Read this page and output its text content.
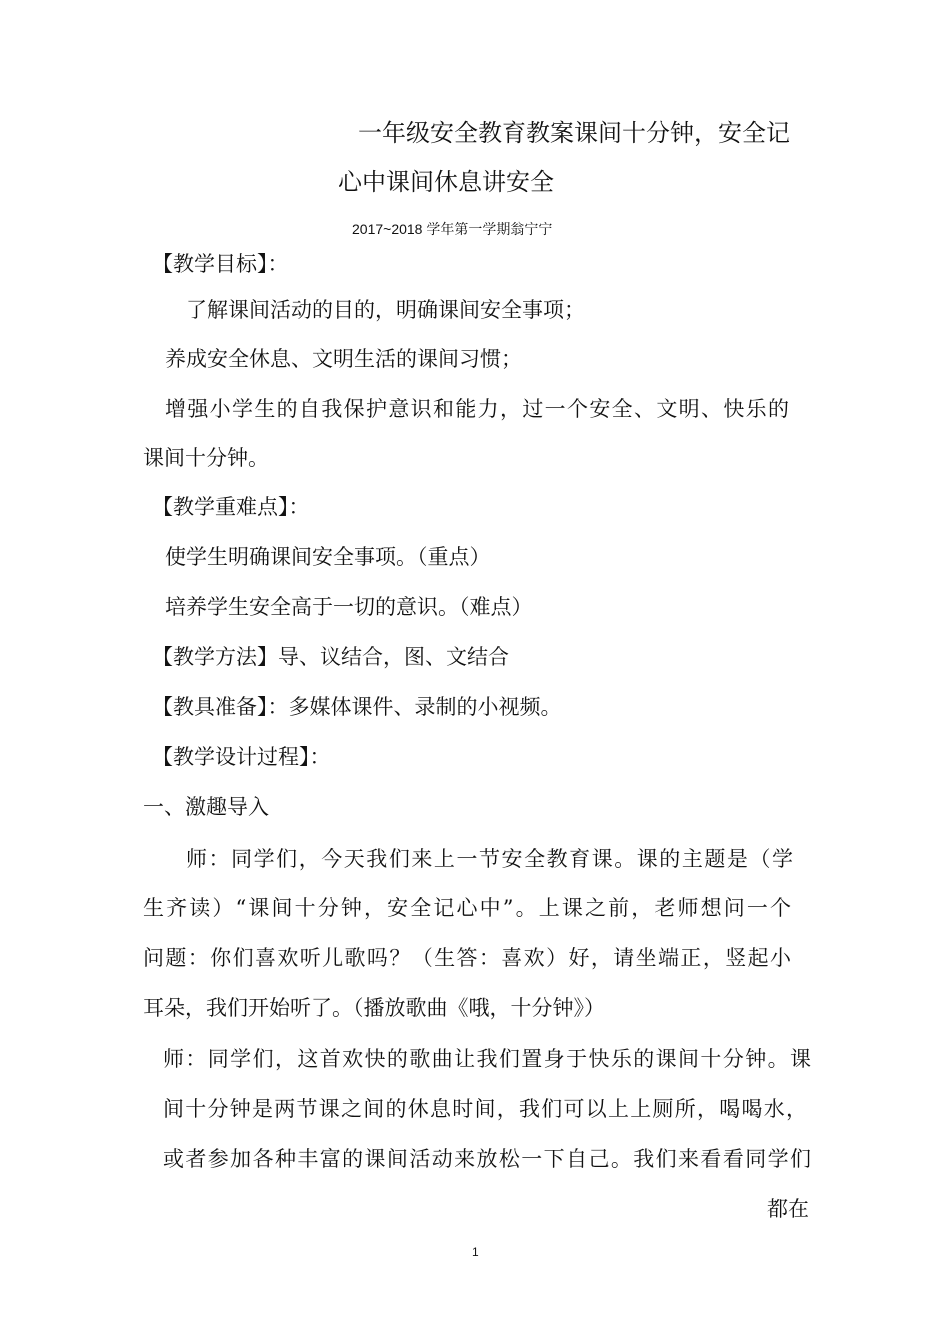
一年级安全教育教案课间十分钟，安全记
心中课间休息讲安全
2017~2018 学年第一学期翁宁宁
【教学目标】：
了解课间活动的目的，明确课间安全事项；
养成安全休息、文明生活的课间习惯；
增强小学生的自我保护意识和能力，过一个安全、文明、快乐的
课间十分钟。
【教学重难点】：
使学生明确课间安全事项。（重点）
培养学生安全高于一切的意识。（难点）
【教学方法】导、议结合，图、文结合
【教具准备】：多媒体课件、录制的小视频。
【教学设计过程】：
一、激趣导入
师：同学们，今天我们来上一节安全教育课。课的主题是（学
生齐读）“课间十分钟，安全记心中”。上课之前，老师想问一个
问题：你们喜欢听儿歌吗？（生答：喜欢）好，请坐端正，竖起小
耳朵，我们开始听了。（播放歌曲《哦，十分钟》）
师：同学们，这首欢快的歌曲让我们置身于快乐的课间十分钟。课
间十分钟是两节课之间的休息时间，我们可以上上厕所，喝喝水，
或者参加各种丰富的课间活动来放松一下自己。我们来看看同学们
都在
1
